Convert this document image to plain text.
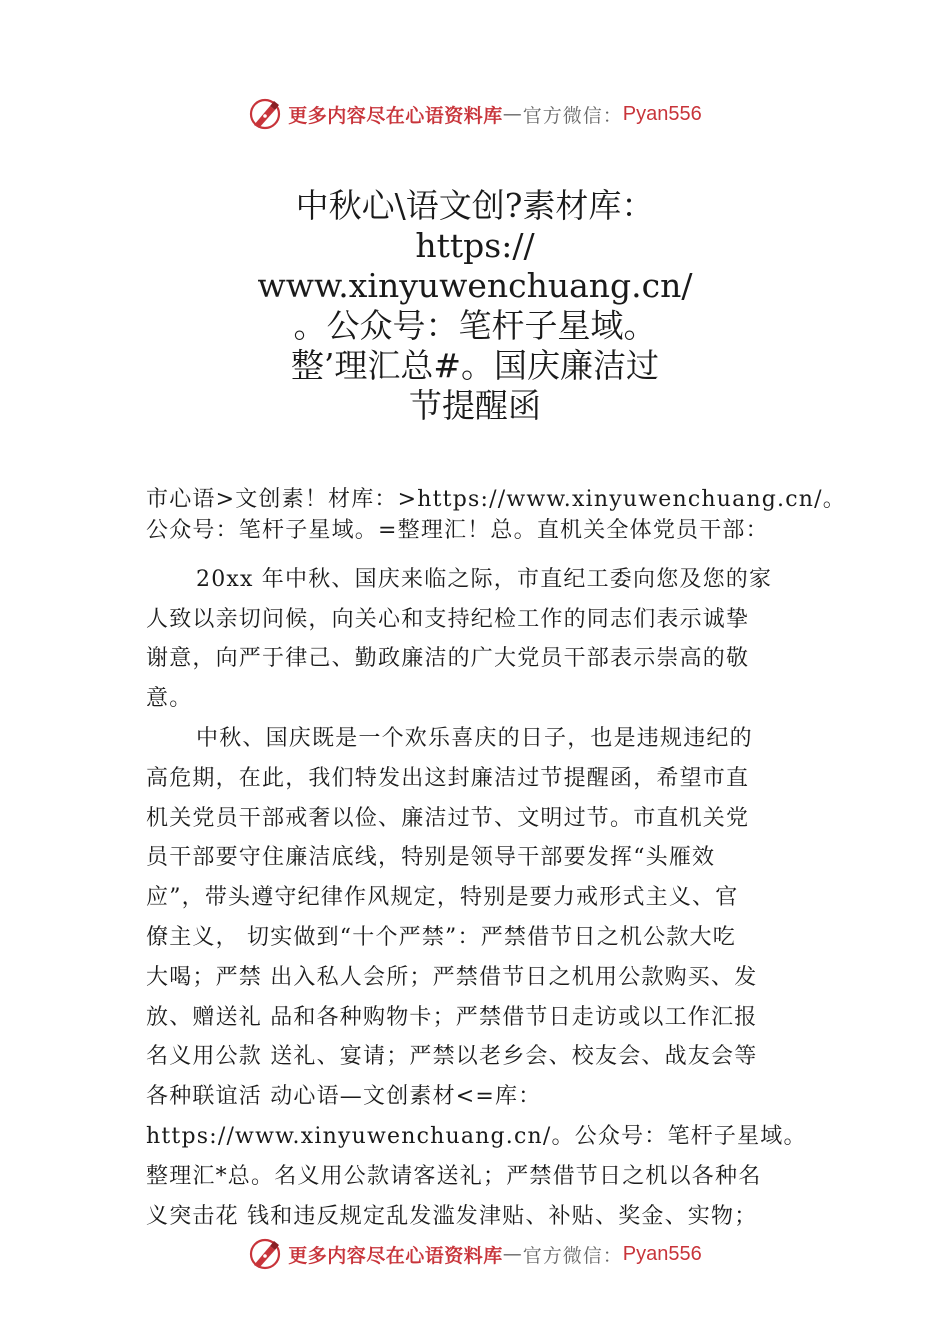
更多内容尽在心语资料库 — 官方微信： Pyan556
中秋心\语文创?素材库：
https://
www.xinyuwenchuang.cn/
。公众号：笔杆子星域。
整’理汇总#。国庆廉洁过
节提醒函
市心语>文创素！材库：>https://www.xinyuwenchuang.cn/。
公众号：笔杆子星域。=整理汇！总。直机关全体党员干部：
20xx 年中秋、国庆来临之际，市直纪工委向您及您的家
人致以亲切问候，向关心和支持纪检工作的同志们表示诚挚
谢意，向严于律己、勤政廉洁的广大党员干部表示崇高的敬
意。
中秋、国庆既是一个欢乐喜庆的日子，也是违规违纪的
高危期，在此，我们特发出这封廉洁过节提醒函，希望市直
机关党员干部戒奢以俭、廉洁过节、文明过节。市直机关党
员干部要守住廉洁底线，特别是领导干部要发挥“头雁效
应”，带头遵守纪律作风规定，特别是要力戒形式主义、官
僚主义， 切实做到“十个严禁”：严禁借节日之机公款大吃
大喝；严禁 出入私人会所；严禁借节日之机用公款购买、发
放、赠送礼 品和各种购物卡；严禁借节日走访或以工作汇报
名义用公款 送礼、宴请；严禁以老乡会、校友会、战友会等
各种联谊活 动心语—文创素材<=库：
https://www.xinyuwenchuang.cn/。公众号：笔杆子星域。
整理汇*总。名义用公款请客送礼；严禁借节日之机以各种名
义突击花 钱和违反规定乱发滥发津贴、补贴、奖金、实物；
更多内容尽在心语资料库 — 官方微信： Pyan556
